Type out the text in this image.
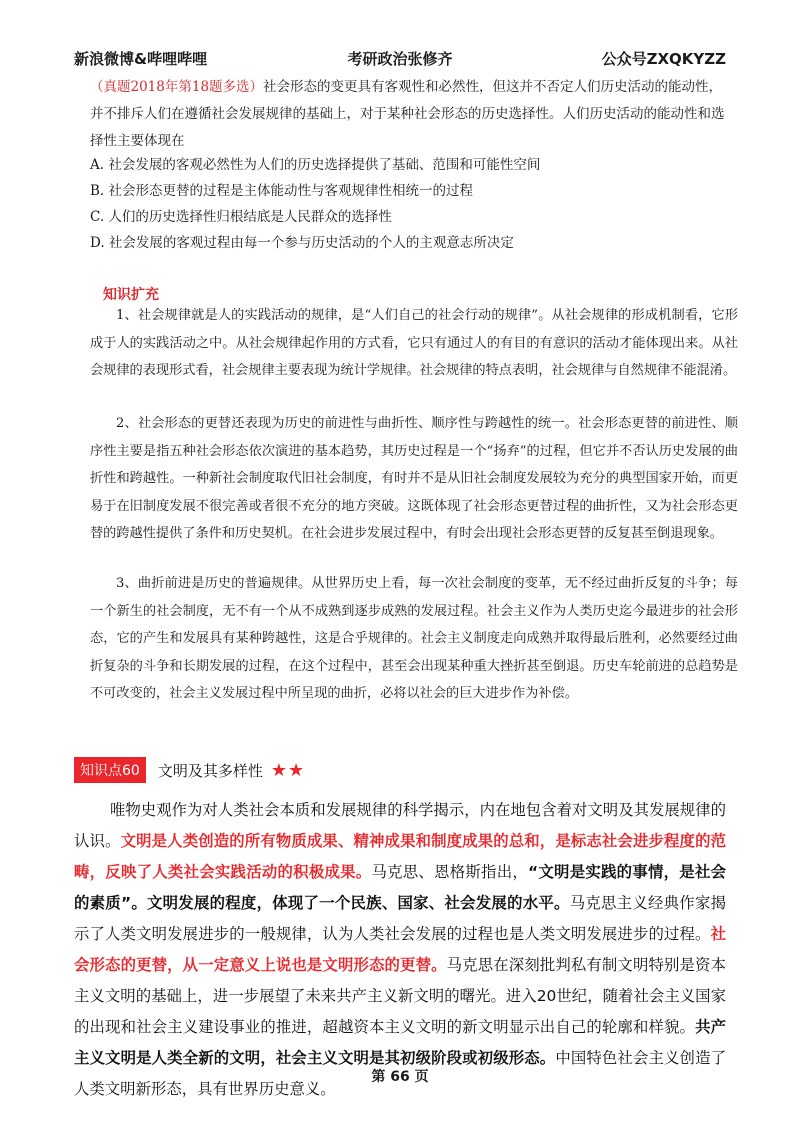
新浪微博&哔哩哔哩	考研政治张修齐	公众号ZXQKYZZ
（真题2018年第18题多选）社会形态的变更具有客观性和必然性，但这并不否定人们历史活动的能动性，并不排斥人们在遵循社会发展规律的基础上，对于某种社会形态的历史选择性。人们历史活动的能动性和选择性主要体现在
A. 社会发展的客观必然性为人们的历史选择提供了基础、范围和可能性空间
B. 社会形态更替的过程是主体能动性与客观规律性相统一的过程
C. 人们的历史选择性归根结底是人民群众的选择性
D. 社会发展的客观过程由每一个参与历史活动的个人的主观意志所决定
知识扩充
1、社会规律就是人的实践活动的规律，是“人们自己的社会行动的规律”。从社会规律的形成机制看，它形成于人的实践活动之中。从社会规律起作用的方式看，它只有通过人的有目的有意识的活动才能体现出来。从社会规律的表现形式看，社会规律主要表现为统计学规律。社会规律的特点表明，社会规律与自然规律不能混淆。
2、社会形态的更替还表现为历史的前进性与曲折性、顺序性与跨越性的统一。社会形态更替的前进性、顺序性主要是指五种社会形态依次演进的基本趋势，其历史过程是一个“扬弃”的过程，但它并不否认历史发展的曲折性和跨越性。一种新社会制度取代旧社会制度，有时并不是从旧社会制度发展较为充分的典型国家开始，而更易于在旧制度发展不很完善或者很不充分的地方突破。这既体现了社会形态更替过程的曲折性，又为社会形态更替的跨越性提供了条件和历史契机。在社会进步发展过程中，有时会出现社会形态更替的反复甚至倒退现象。
3、曲折前进是历史的普遍规律。从世界历史上看，每一次社会制度的变革，无不经过曲折反复的斗争；每一个新生的社会制度，无不有一个从不成熟到逐步成熟的发展过程。社会主义作为人类历史迄今最进步的社会形态，它的产生和发展具有某种跨越性，这是合乎规律的。社会主义制度走向成熟并取得最后胜利，必然要经过曲折复杂的斗争和长期发展的过程，在这个过程中，甚至会出现某种重大挫折甚至倒退。历史车轮前进的总趋势是不可改变的，社会主义发展过程中所呈现的曲折，必将以社会的巨大进步作为补偿。
知识点60	文明及其多样性 ★★
唯物史观作为对人类社会本质和发展规律的科学揭示，内在地包含着对文明及其发展规律的认识。文明是人类创造的所有物质成果、精神成果和制度成果的总和，是标志社会进步程度的范畴，反映了人类社会实践活动的积极成果。马克思、恩格斯指出，“文明是实践的事情，是社会的素质”。文明发展的程度，体现了一个民族、国家、社会发展的水平。马克思主义经典作家揭示了人类文明发展进步的一般规律，认为人类社会发展的过程也是人类文明发展进步的过程。社会形态的更替，从一定意义上说也是文明形态的更替。马克思在深刻批判私有制文明特别是资本主义文明的基础上，进一步展望了未来共产主义新文明的曙光。进入20世纪，随着社会主义国家的出现和社会主义建设事业的推进，超越资本主义文明的新文明显示出自己的轮廓和样貌。共产主义文明是人类全新的文明，社会主义文明是其初级阶段或初级形态。中国特色社会主义创造了人类文明新形态，具有世界历史意义。
第 66 页
